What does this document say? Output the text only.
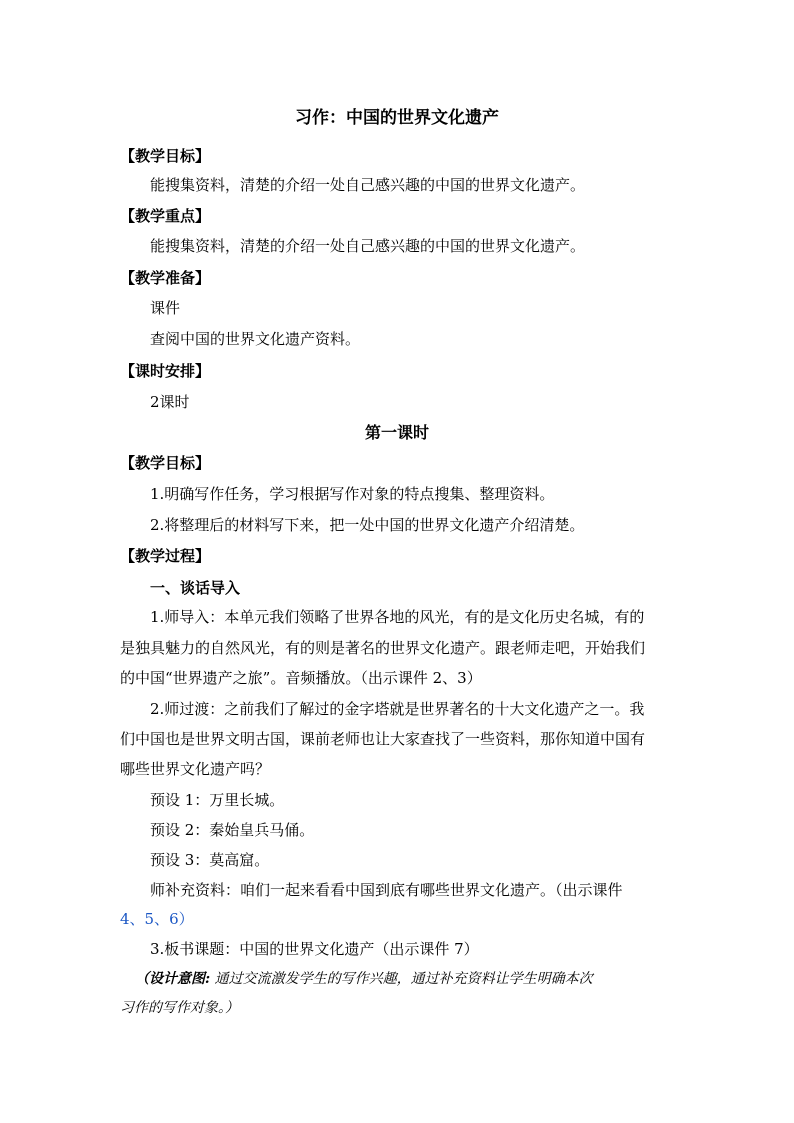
习作：中国的世界文化遗产
【教学目标】
能搜集资料，清楚的介绍一处自己感兴趣的中国的世界文化遗产。
【教学重点】
能搜集资料，清楚的介绍一处自己感兴趣的中国的世界文化遗产。
【教学准备】
课件
查阅中国的世界文化遗产资料。
【课时安排】
2课时
第一课时
【教学目标】
1.明确写作任务，学习根据写作对象的特点搜集、整理资料。
2.将整理后的材料写下来，把一处中国的世界文化遗产介绍清楚。
【教学过程】
一、谈话导入
1.师导入：本单元我们领略了世界各地的风光，有的是文化历史名城，有的
是独具魅力的自然风光，有的则是著名的世界文化遗产。跟老师走吧，开始我们
的中国“世界遗产之旅”。音频播放。（出示课件 2、3）
2.师过渡：之前我们了解过的金字塔就是世界著名的十大文化遗产之一。我
们中国也是世界文明古国，课前老师也让大家查找了一些资料，那你知道中国有
哪些世界文化遗产吗？
预设 1：万里长城。
预设 2：秦始皇兵马俑。
预设 3：莫高窟。
师补充资料：咱们一起来看看中国到底有哪些世界文化遗产。（出示课件
4、5、6）
3.板书课题：中国的世界文化遗产（出示课件 7）
（设计意图: 通过交流激发学生的写作兴趣，通过补充资料让学生明确本次
习作的写作对象。）
